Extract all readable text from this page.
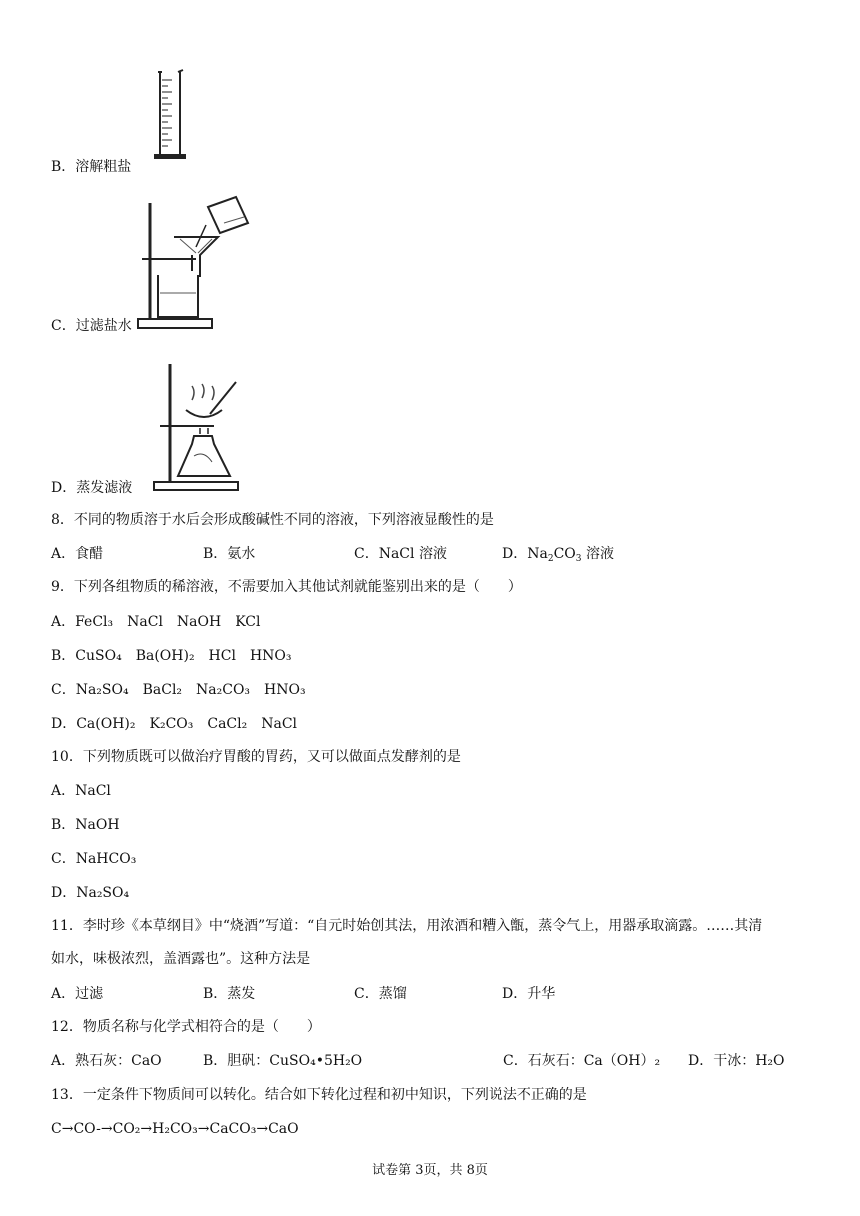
B．溶解粗盐
C．过滤盐水
D．蒸发滤液
8．不同的物质溶于水后会形成酸碱性不同的溶液，下列溶液显酸性的是
A．食醋	B．氨水	C．NaCl 溶液	D．$Na_2CO_3$ 溶液
9．下列各组物质的稀溶液，不需要加入其他试剂就能鉴别出来的是（　　）
A．FeCl₃　NaCl　NaOH　KCl
B．CuSO₄　Ba(OH)₂　HCl　HNO₃
C．Na₂SO₄　BaCl₂　Na₂CO₃　HNO₃
D．Ca(OH)₂　K₂CO₃　CaCl₂　NaCl
10．下列物质既可以做治疗胃酸的胃药，又可以做面点发酵剂的是
A．NaCl
B．NaOH
C．NaHCO₃
D．Na₂SO₄
11．李时珍《本草纲目》中“烧酒”写道：“自元时始创其法，用浓酒和糟入甑，蒸令气上，用器承取滴露。……其清
如水，味极浓烈，盖酒露也”。这种方法是
A．过滤	B．蒸发	C．蒸馏	D．升华
12．物质名称与化学式相符合的是（　　）
A．熟石灰：CaO	B．胆矾：CuSO₄•5H₂O	C．石灰石：Ca（OH）₂ D．干冰：H₂O
13．一定条件下物质间可以转化。结合如下转化过程和初中知识，下列说法不正确的是
C→CO-→CO₂→H₂CO₃→CaCO₃→CaO
试卷第 3页，共 8页
